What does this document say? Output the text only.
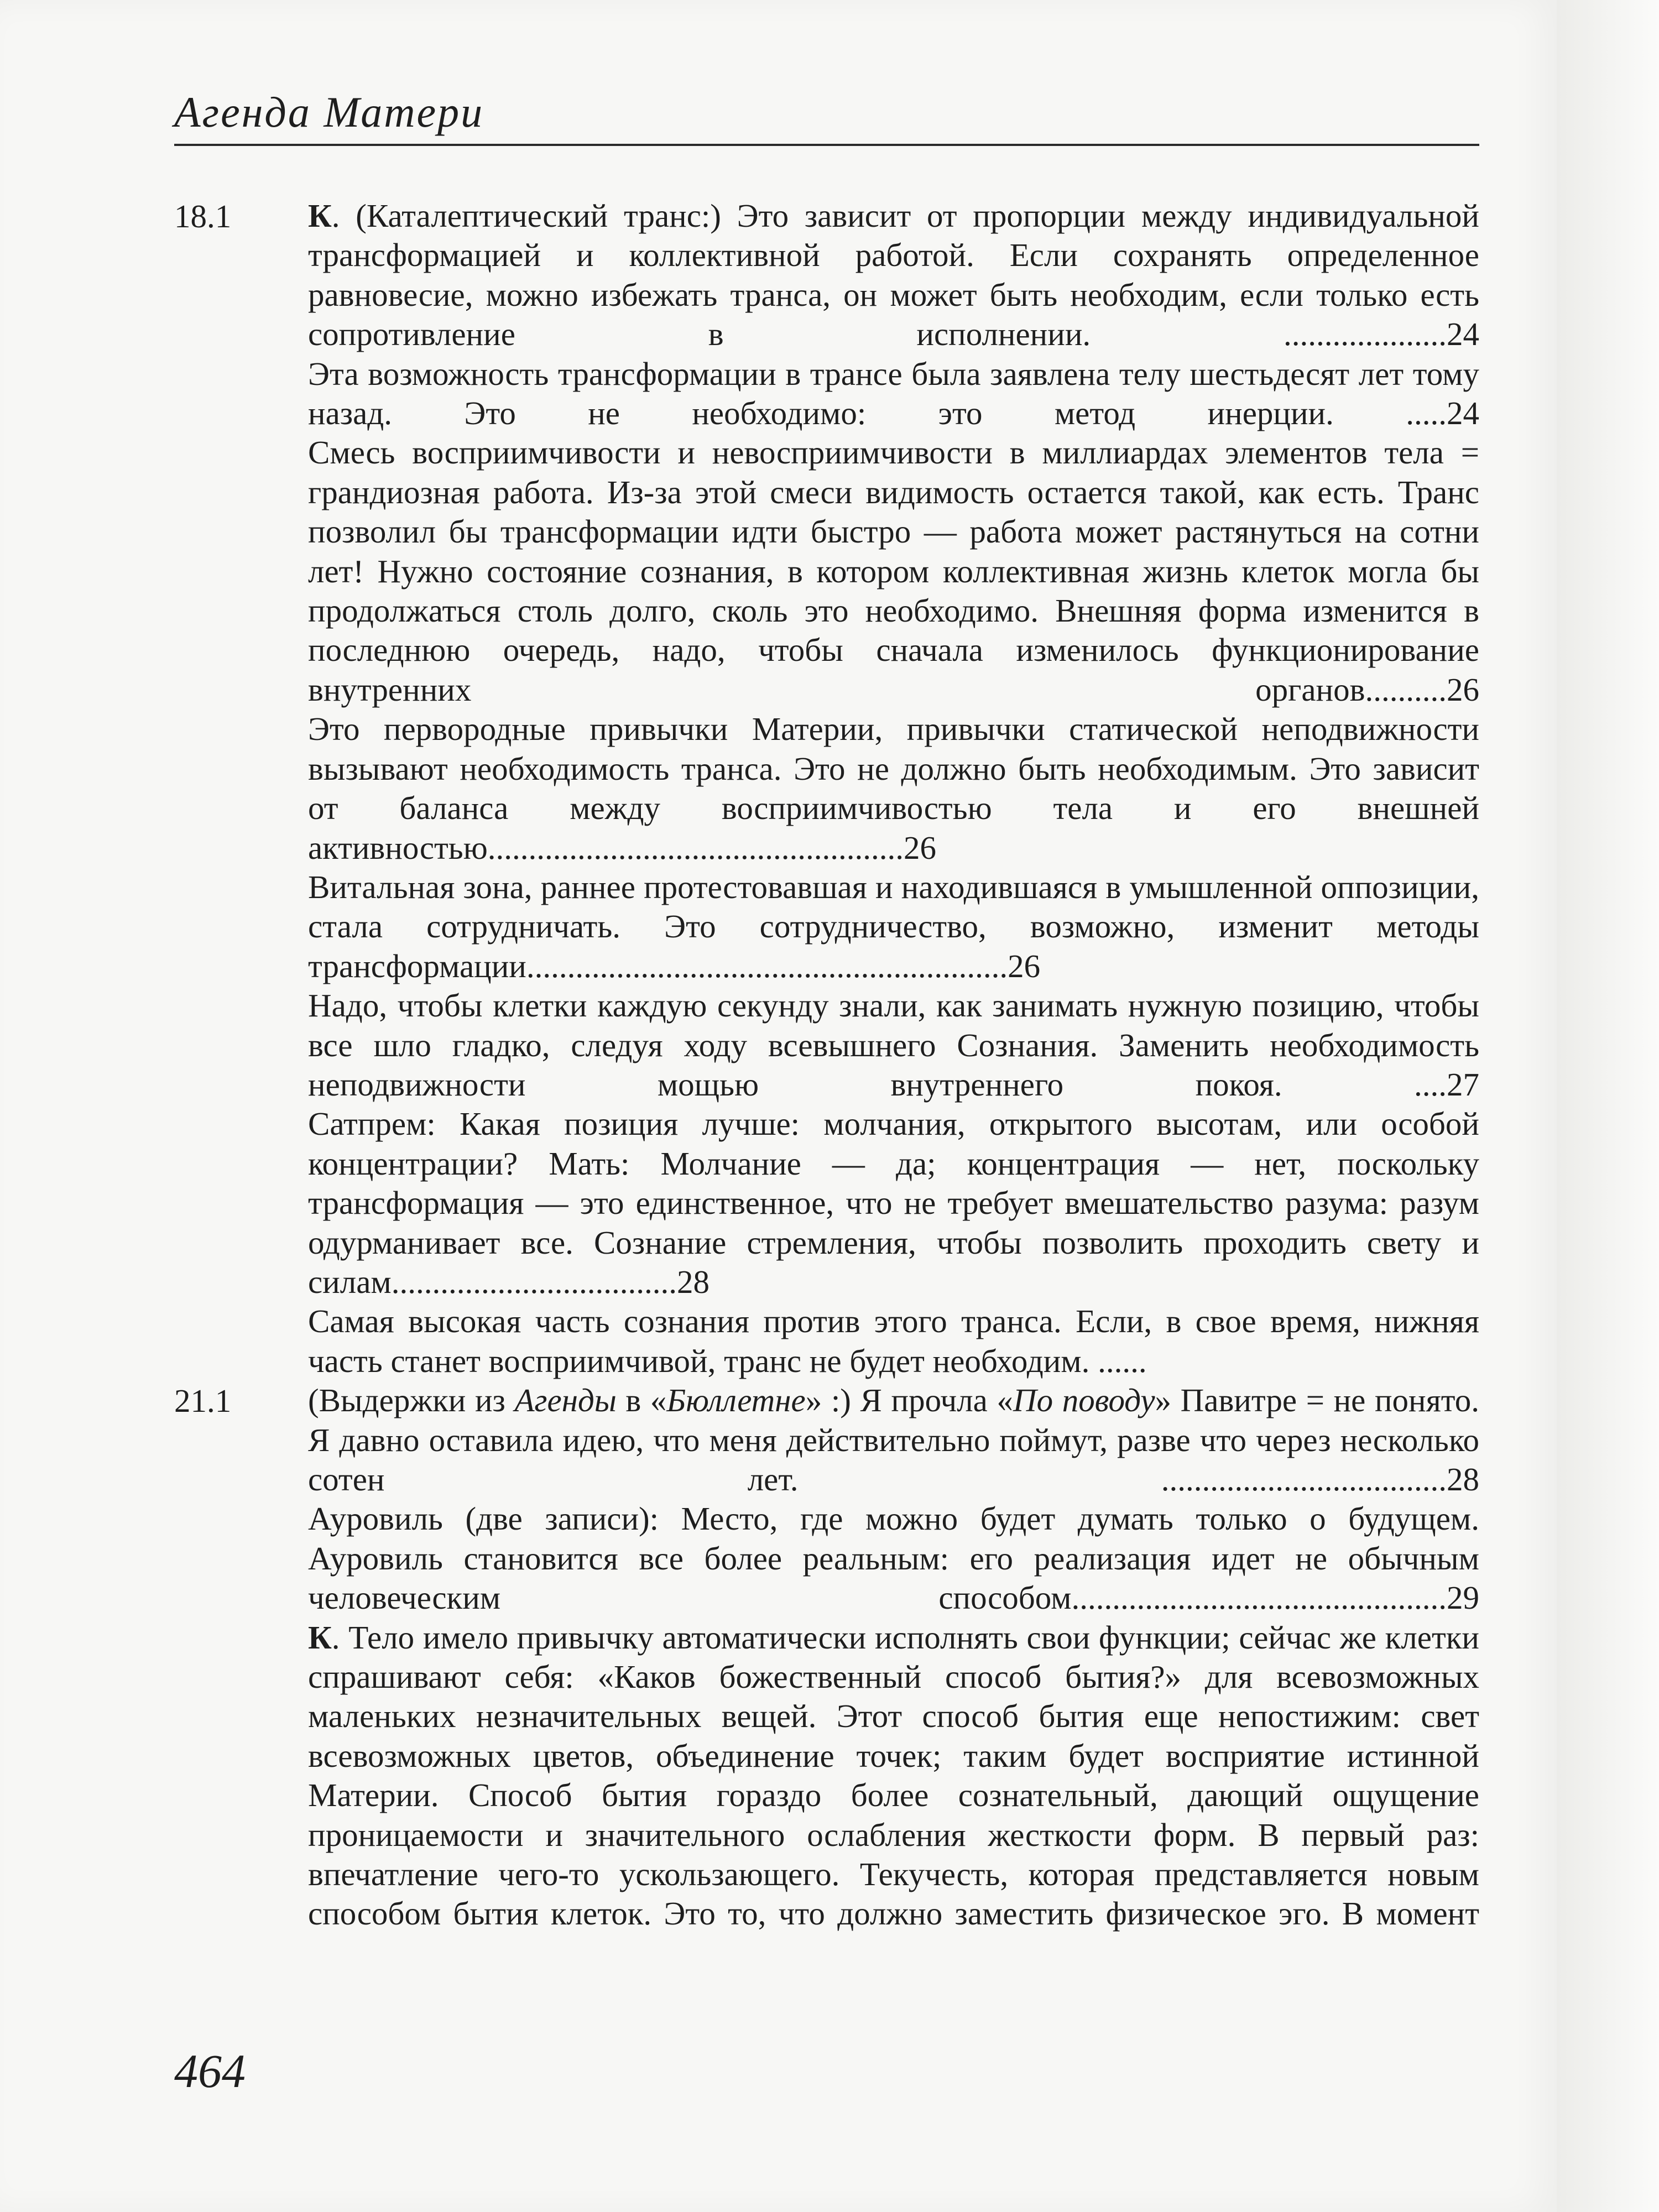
Агенда Матери
18.1	К. (Каталептический транс:) Это зависит от пропорции между индивидуальной трансформацией и коллективной работой. Если сохранять определенное равновесие, можно избежать транса, он может быть необходим, если только есть сопротивление в исполнении. ....................24
Эта возможность трансформации в трансе была заявлена телу шестьдесят лет тому назад. Это не необходимо: это метод инерции. .....24
Смесь восприимчивости и невосприимчивости в миллиардах элементов тела = грандиозная работа. Из-за этой смеси видимость остается такой, как есть. Транс позволил бы трансформации идти быстро — работа может растянуться на сотни лет! Нужно состояние сознания, в котором коллективная жизнь клеток могла бы продолжаться столь долго, сколь это необходимо. Внешняя форма изменится в последнюю очередь, надо, чтобы сначала изменилось функционирование внутренних органов..........26
Это первородные привычки Материи, привычки статической неподвижности вызывают необходимость транса. Это не должно быть необходимым. Это зависит от баланса между восприимчивостью тела и его внешней активностью...................................................26
Витальная зона, раннее протестовавшая и находившаяся в умышленной оппозиции, стала сотрудничать. Это сотрудничество, возможно, изменит методы трансформации...........................................................26
Надо, чтобы клетки каждую секунду знали, как занимать нужную позицию, чтобы все шло гладко, следуя ходу всевышнего Сознания. Заменить необходимость неподвижности мощью внутреннего покоя. ....27
Сатпрем: Какая позиция лучше: молчания, открытого высотам, или особой концентрации? Мать: Молчание — да; концентрация — нет, поскольку трансформация — это единственное, что не требует вмешательство разума: разум одурманивает все. Сознание стремления, чтобы позволить проходить свету и силам...................................28
Самая высокая часть сознания против этого транса. Если, в свое время, нижняя часть станет восприимчивой, транс не будет необходим. ......
21.1	(Выдержки из Агенды в «Бюллетне» :) Я прочла «По поводу» Павитре = не понято. Я давно оставила идею, что меня действительно поймут, разве что через несколько сотен лет. ...................................28
Ауровиль (две записи): Место, где можно будет думать только о будущем. Ауровиль становится все более реальным: его реализация идет не обычным человеческим способом..............................................29
К. Тело имело привычку автоматически исполнять свои функции; сейчас же клетки спрашивают себя: «Каков божественный способ бытия?» для всевозможных маленьких незначительных вещей. Этот способ бытия еще непостижим: свет всевозможных цветов, объединение точек; таким будет восприятие истинной Материи. Способ бытия гораздо более сознательный, дающий ощущение проницаемости и значительного ослабления жесткости форм. В первый раз: впечатление чего-то ускользающего. Текучесть, которая представляется новым способом бытия клеток. Это то, что должно заместить физическое эго. В момент
464
